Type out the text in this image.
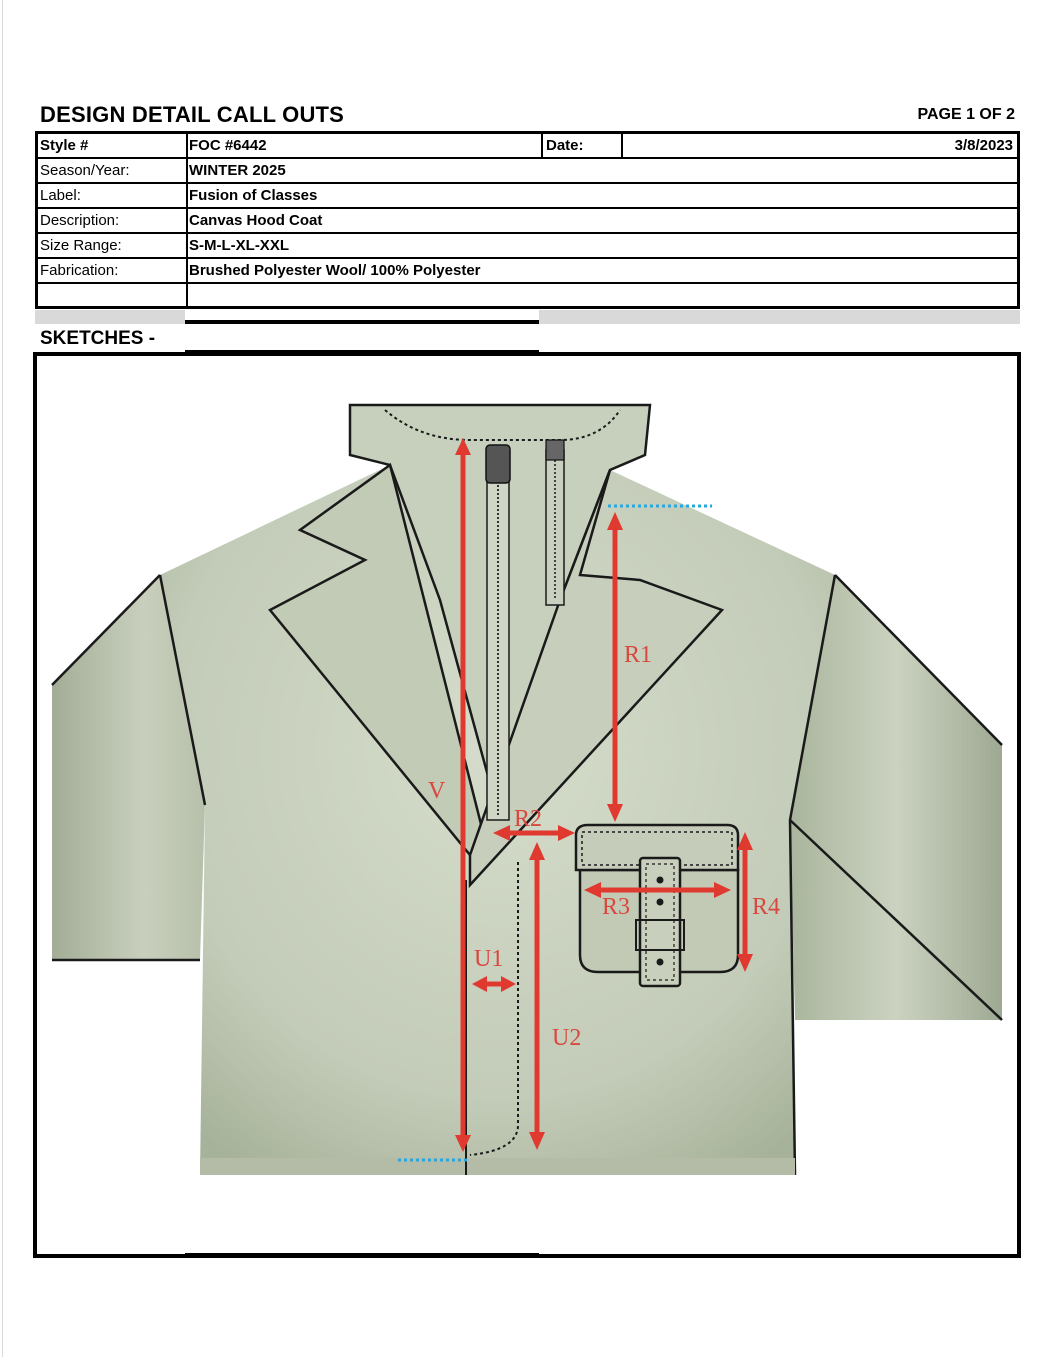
DESIGN DETAIL CALL OUTS	PAGE 1 OF 2
Style #	FOC #6442	Date:	3/8/2023
Season/Year:	WINTER 2025
Label:	Fusion of Classes
Description:	Canvas Hood Coat
Size Range:	S-M-L-XL-XXL
Fabrication:	Brushed Polyester Wool/ 100% Polyester
SKETCHES -
V
R1
R2
R3	R4
U1
U2
